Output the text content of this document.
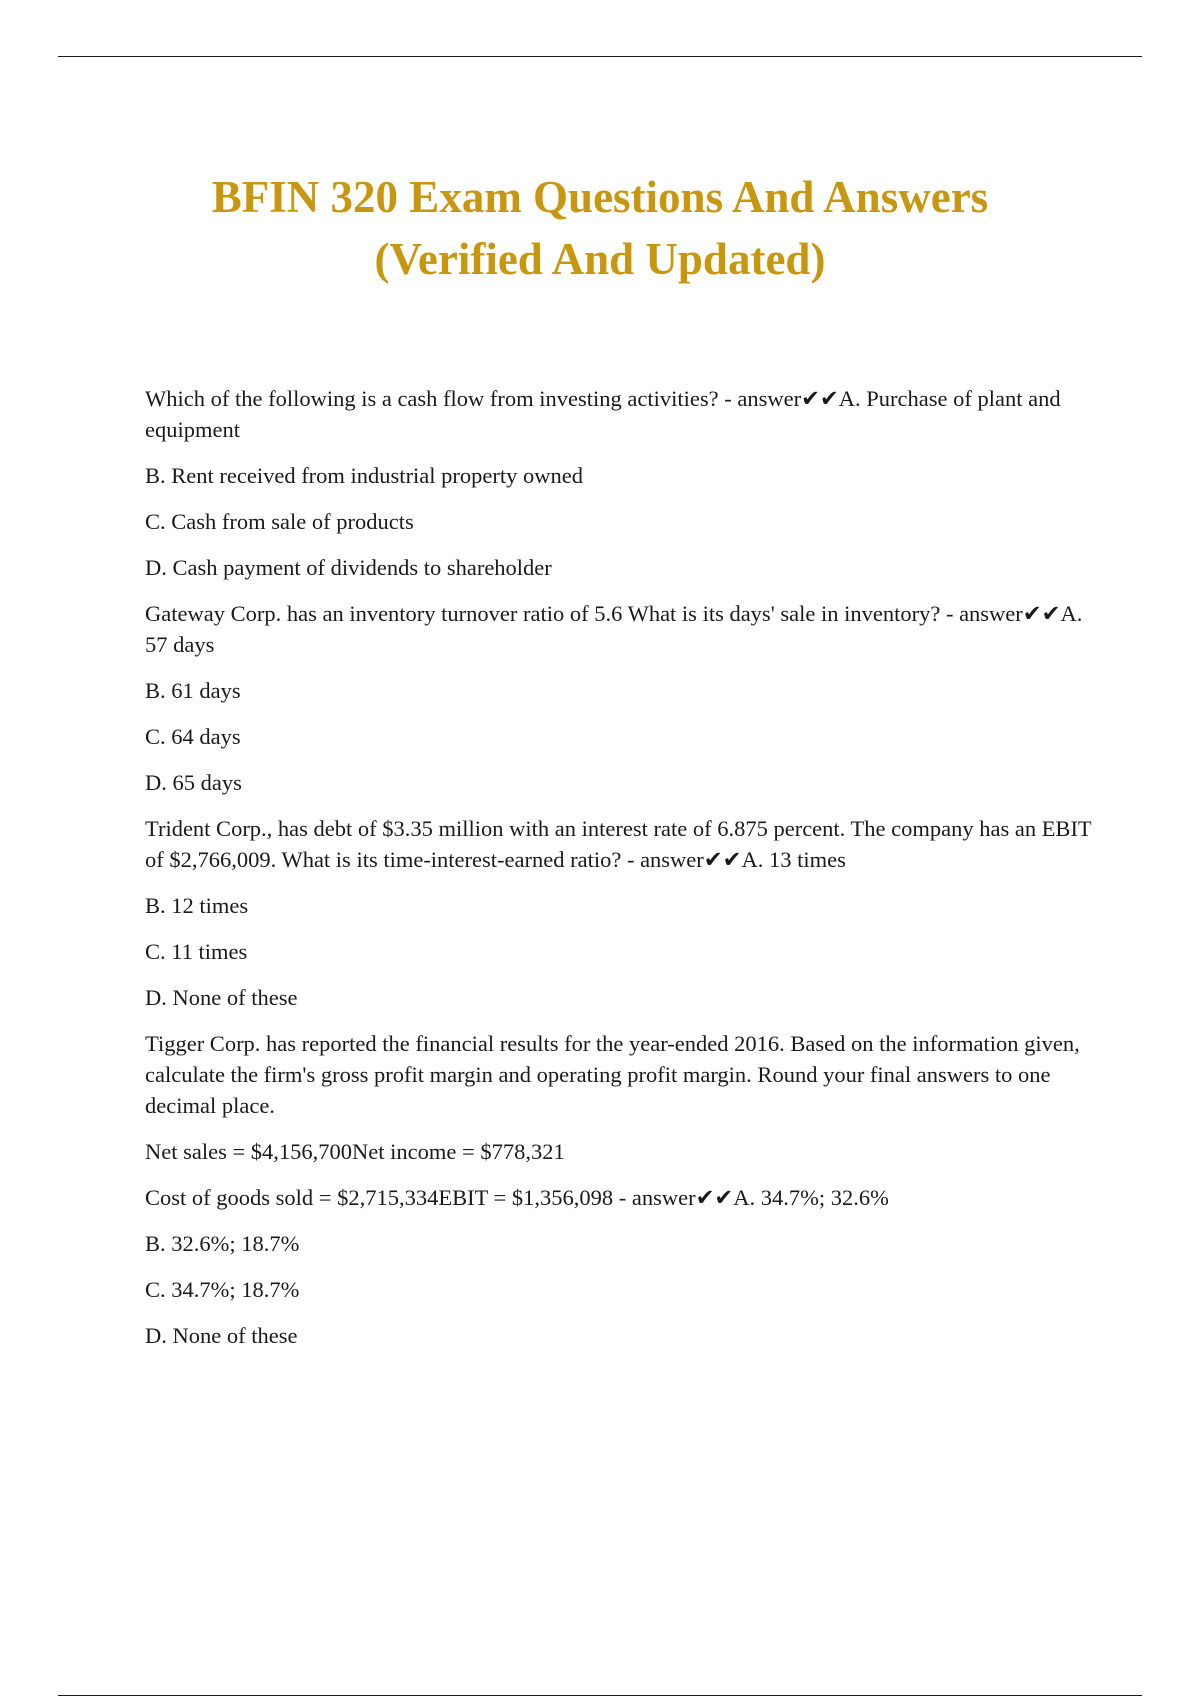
BFIN 320 Exam Questions And Answers
(Verified And Updated)

Which of the following is a cash flow from investing activities? - answer✔✔A. Purchase of plant and equipment

B. Rent received from industrial property owned

C. Cash from sale of products

D. Cash payment of dividends to shareholder

Gateway Corp. has an inventory turnover ratio of 5.6 What is its days' sale in inventory? - answer✔✔A. 57 days

B. 61 days

C. 64 days

D. 65 days

Trident Corp., has debt of $3.35 million with an interest rate of 6.875 percent. The company has an EBIT of $2,766,009. What is its time-interest-earned ratio? - answer✔✔A. 13 times

B. 12 times

C. 11 times

D. None of these

Tigger Corp. has reported the financial results for the year-ended 2016. Based on the information given, calculate the firm's gross profit margin and operating profit margin. Round your final answers to one decimal place.

Net sales = $4,156,700Net income = $778,321

Cost of goods sold = $2,715,334EBIT = $1,356,098 - answer✔✔A. 34.7%; 32.6%

B. 32.6%; 18.7%

C. 34.7%; 18.7%

D. None of these
